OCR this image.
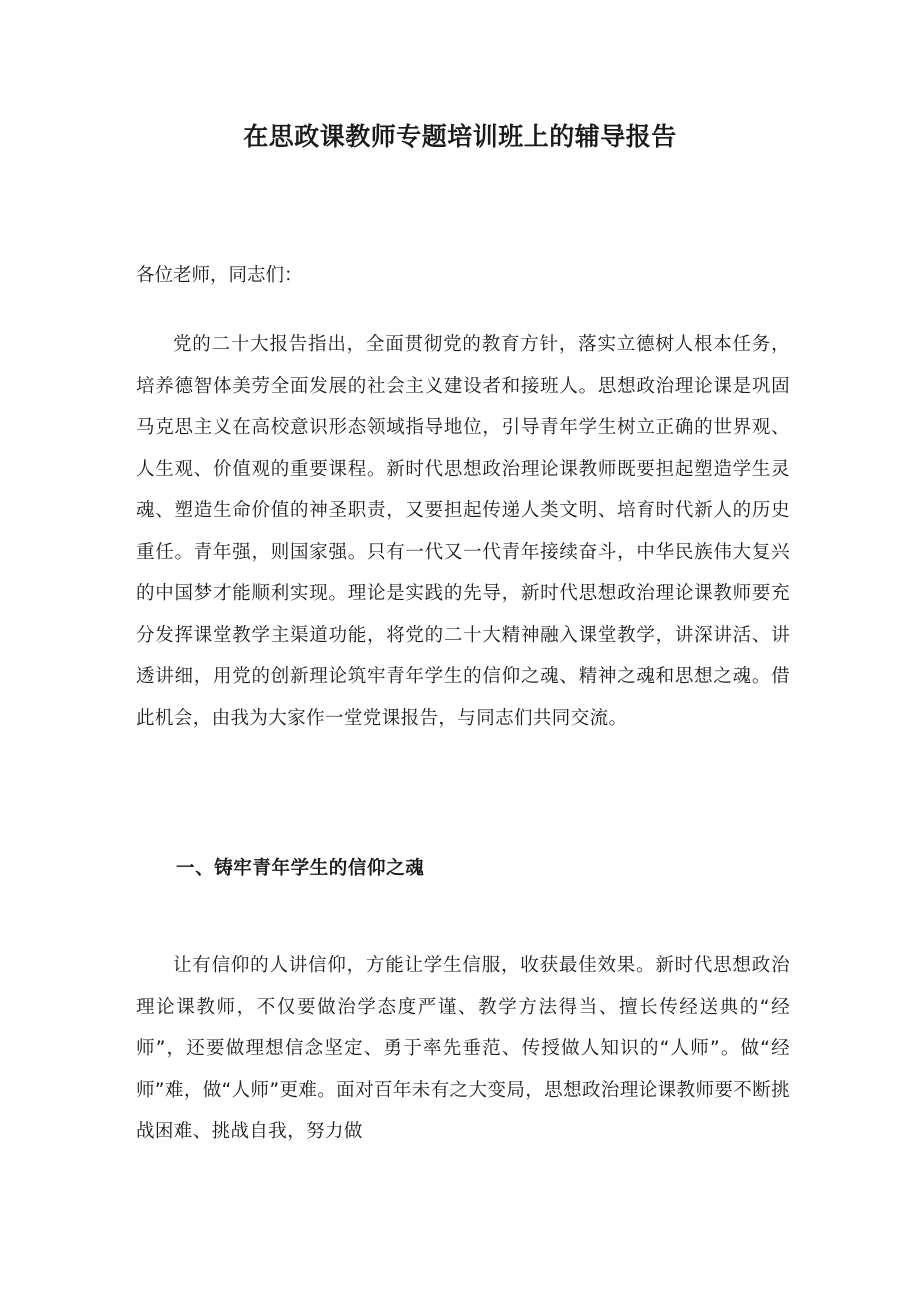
在思政课教师专题培训班上的辅导报告

各位老师，同志们：

党的二十大报告指出，全面贯彻党的教育方针，落实立德树人根本任务，培养德智体美劳全面发展的社会主义建设者和接班人。思想政治理论课是巩固马克思主义在高校意识形态领域指导地位，引导青年学生树立正确的世界观、人生观、价值观的重要课程。新时代思想政治理论课教师既要担起塑造学生灵魂、塑造生命价值的神圣职责，又要担起传递人类文明、培育时代新人的历史重任。青年强，则国家强。只有一代又一代青年接续奋斗，中华民族伟大复兴的中国梦才能顺利实现。理论是实践的先导，新时代思想政治理论课教师要充分发挥课堂教学主渠道功能，将党的二十大精神融入课堂教学，讲深讲活、讲透讲细，用党的创新理论筑牢青年学生的信仰之魂、精神之魂和思想之魂。借此机会，由我为大家作一堂党课报告，与同志们共同交流。

一、铸牢青年学生的信仰之魂

让有信仰的人讲信仰，方能让学生信服，收获最佳效果。新时代思想政治理论课教师，不仅要做治学态度严谨、教学方法得当、擅长传经送典的“经师”，还要做理想信念坚定、勇于率先垂范、传授做人知识的“人师”。做“经师”难，做“人师”更难。面对百年未有之大变局，思想政治理论课教师要不断挑战困难、挑战自我，努力做
